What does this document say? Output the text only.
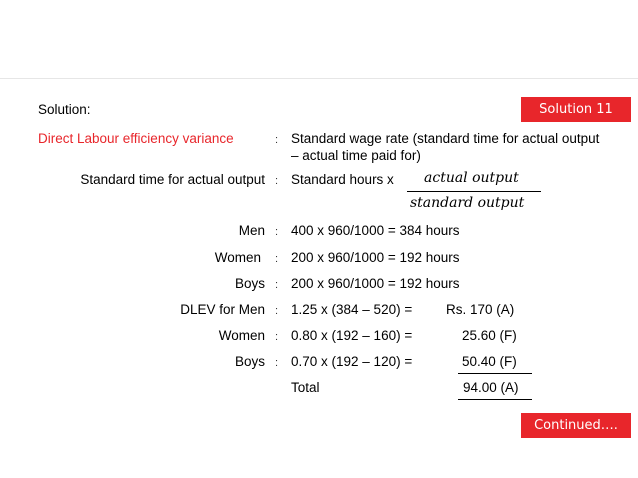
Solution 11
Solution:
Direct Labour efficiency variance	: Standard wage rate (standard time for actual output
– actual time paid for)
Standard time for actual output : Standard hours x actual output
standard output
Men : 400 x 960/1000 = 384 hours
Women : 200 x 960/1000 = 192 hours
Boys : 200 x 960/1000 = 192 hours
DLEV for Men : 1.25 x (384 – 520) =	Rs. 170 (A)
Women : 0.80 x (192 – 160) =	25.60 (F)
Boys : 0.70 x (192 – 120) =	50.40 (F)
Total	94.00 (A)
Continued….
